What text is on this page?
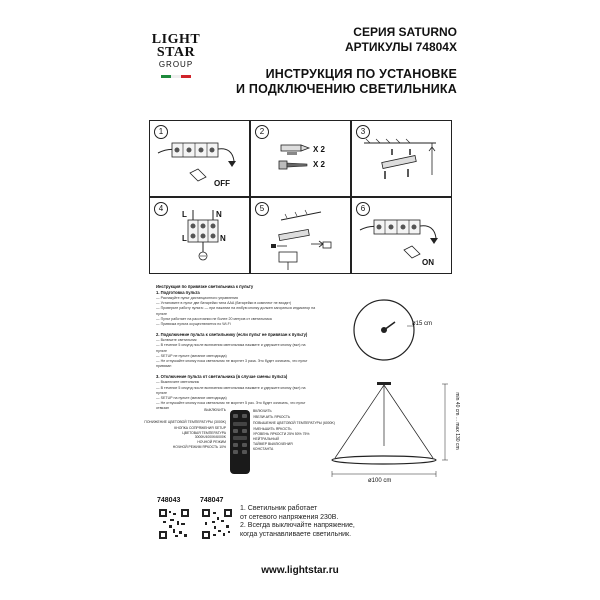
LIGHT
STAR
GROUP
СЕРИЯ SATURNO
АРТИКУЛЫ 74804X
ИНСТРУКЦИЯ ПО УСТАНОВКЕ
И ПОДКЛЮЧЕНИЮ СВЕТИЛЬНИКА
1
OFF
2
X 2
X 2
3
4
L	N
L	N
5	6
ON
Инструкция по привязке светильника к пульту
1. Подготовка пульта
— Распакуйте пульт дистанционного управления
— Установите в пульт две батарейки типа AAA (батарейки в комплект не входят)
— Проверьте работу пульта: — при нажатии на любую кнопку должен загораться индикатор на пульте
— Пульт работает на расстоянии не более 20 метров от светильника
— Привязка пульта осуществляется по Wi-Fi
2. Подключение пульта к светильнику (если пульт не привязан к пульту)
— Включите светильник
— В течение 5 секунд после включения светильника нажмите и удержите кнопку (вкл) на пульте
— SETUP не пульте (мигание светодиода)
— Не отпускайте кнопку пока светильник не моргнет 3 раза. Это будет означать, что пульт привязан
3. Отключение пульта от светильника (в случае смены пульта)
— Выключите светильник
— В течение 5 секунд после включения светильника нажмите и удержите кнопку (вкл) на пульте
— SETUP на пульте (мигание светодиода)
— Не отпускайте кнопку пока светильник не моргнет 5 раз. Это будет означать, что пульт отвязан
ø15 cm
ВЫКЛЮЧИТЬ
ПОНИЖЕНИЕ ЦВЕТОВОЙ ТЕМПЕРАТУРЫ (3000K)
КНОПКА СОПРЯЖЕНИЯ SETUP
ЦВЕТОВАЯ ТЕМПЕРАТУРА
3000K/4000K/6000K
НОЧНОЙ РЕЖИМ
НОЧНОЙ РЕЖИМ ЯРКОСТЬ 10%
ВКЛЮЧИТЬ
УВЕЛИЧИТЬ ЯРКОСТЬ
ПОВЫШЕНИЕ ЦВЕТОВОЙ ТЕМПЕРАТУРЫ (6000K)
УМЕНЬШИТЬ ЯРКОСТЬ
УРОВЕНЬ ЯРКОСТИ 25% 50% 75%
НЕЙТРАЛЬНЫЙ
ТАЙМЕР ВЫКЛЮЧЕНИЯ
КОНСТАНТА
ø100 cm
min 40 cm ... max 130 cm
748043	748047
1. Светильник работает
от сетевого напряжения 230В.
2. Всегда выключайте напряжение,
когда устанавливаете светильник.
www.lightstar.ru
